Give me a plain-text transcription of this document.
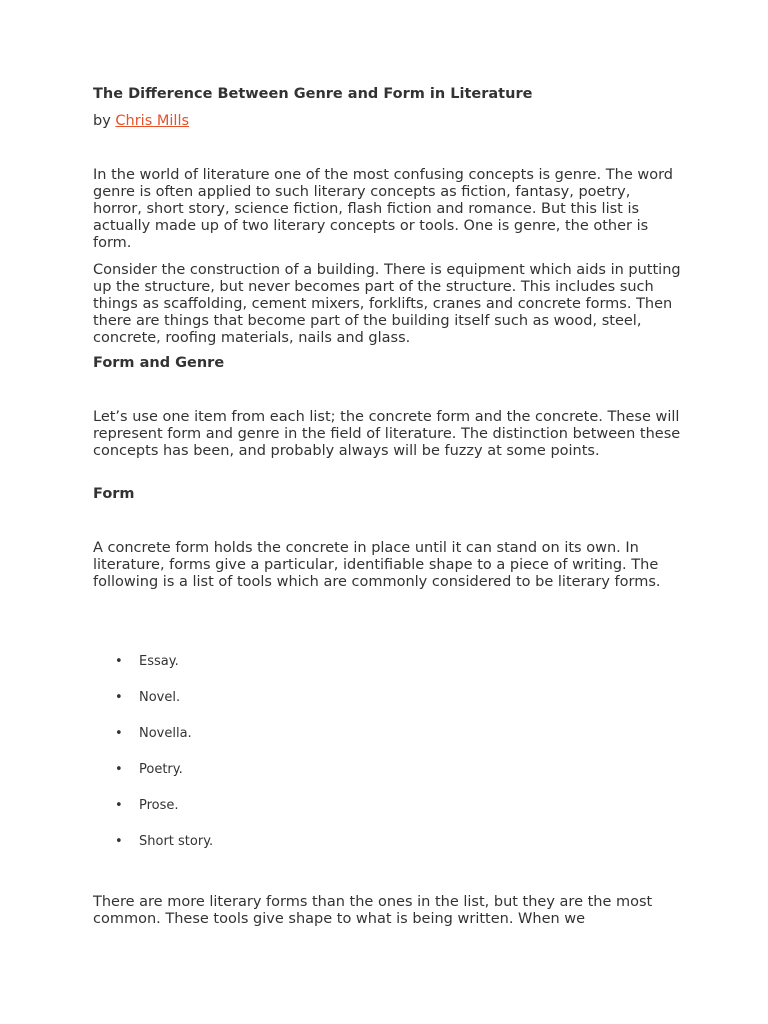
The Difference Between Genre and Form in Literature

by Chris Mills

In the world of literature one of the most confusing concepts is genre. The word genre is often applied to such literary concepts as fiction, fantasy, poetry, horror, short story, science fiction, flash fiction and romance. But this list is actually made up of two literary concepts or tools. One is genre, the other is form.

Consider the construction of a building. There is equipment which aids in putting up the structure, but never becomes part of the structure. This includes such things as scaffolding, cement mixers, forklifts, cranes and concrete forms. Then there are things that become part of the building itself such as wood, steel, concrete, roofing materials, nails and glass.

Form and Genre

Let’s use one item from each list; the concrete form and the concrete. These will represent form and genre in the field of literature. The distinction between these concepts has been, and probably always will be fuzzy at some points.

Form

A concrete form holds the concrete in place until it can stand on its own. In literature, forms give a particular, identifiable shape to a piece of writing. The following is a list of tools which are commonly considered to be literary forms.

• Essay.
• Novel.
• Novella.
• Poetry.
• Prose.
• Short story.

There are more literary forms than the ones in the list, but they are the most common. These tools give shape to what is being written. When we
